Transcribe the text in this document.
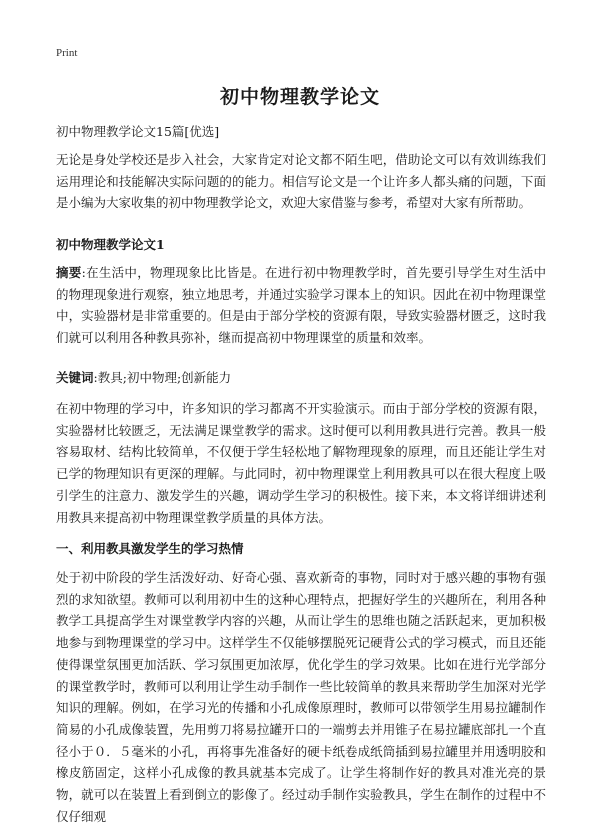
Print
初中物理教学论文
初中物理教学论文15篇[优选]

无论是身处学校还是步入社会，大家肯定对论文都不陌生吧，借助论文可以有效训练我们运用理论和技能解决实际问题的的能力。相信写论文是一个让许多人都头痛的问题，下面是小编为大家收集的初中物理教学论文，欢迎大家借鉴与参考，希望对大家有所帮助。

初中物理教学论文1

摘要:在生活中，物理现象比比皆是。在进行初中物理教学时，首先要引导学生对生活中的物理现象进行观察，独立地思考，并通过实验学习课本上的知识。因此在初中物理课堂中，实验器材是非常重要的。但是由于部分学校的资源有限，导致实验器材匮乏，这时我们就可以利用各种教具弥补，继而提高初中物理课堂的质量和效率。

关键词:教具;初中物理;创新能力

在初中物理的学习中，许多知识的学习都离不开实验演示。而由于部分学校的资源有限，实验器材比较匮乏，无法满足课堂教学的需求。这时便可以利用教具进行完善。教具一般容易取材、结构比较简单，不仅便于学生轻松地了解物理现象的原理，而且还能让学生对已学的物理知识有更深的理解。与此同时，初中物理课堂上利用教具可以在很大程度上吸引学生的注意力、激发学生的兴趣，调动学生学习的积极性。接下来，本文将详细讲述利用教具来提高初中物理课堂教学质量的具体方法。

一、利用教具激发学生的学习热情

处于初中阶段的学生活泼好动、好奇心强、喜欢新奇的事物，同时对于感兴趣的事物有强烈的求知欲望。教师可以利用初中生的这种心理特点，把握好学生的兴趣所在，利用各种教学工具提高学生对课堂教学内容的兴趣，从而让学生的思维也随之活跃起来，更加积极地参与到物理课堂的学习中。这样学生不仅能够摆脱死记硬背公式的学习模式，而且还能使得课堂氛围更加活跃、学习氛围更加浓厚，优化学生的学习效果。比如在进行光学部分的课堂教学时，教师可以利用让学生动手制作一些比较简单的教具来帮助学生加深对光学知识的理解。例如，在学习光的传播和小孔成像原理时，教师可以带领学生用易拉罐制作简易的小孔成像装置，先用剪刀将易拉罐开口的一端剪去并用锥子在易拉罐底部扎一个直径小于０．５毫米的小孔，再将事先准备好的硬卡纸卷成纸筒插到易拉罐里并用透明胶和橡皮筋固定，这样小孔成像的教具就基本完成了。让学生将制作好的教具对准光亮的景物，就可以在装置上看到倒立的影像了。经过动手制作实验教具，学生在制作的过程中不仅仔细观
